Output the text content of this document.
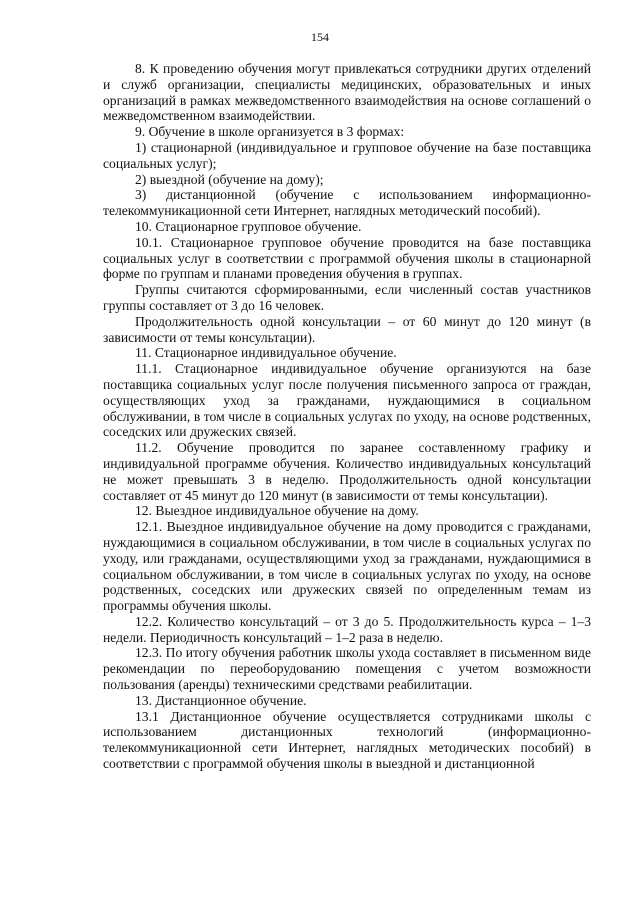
154

8. К проведению обучения могут привлекаться сотрудники других отделений и служб организации, специалисты медицинских, образовательных и иных организаций в рамках межведомственного взаимодействия на основе соглашений о межведомственном взаимодействии.

9. Обучение в школе организуется в 3 формах:

1) стационарной (индивидуальное и групповое обучение на базе поставщика социальных услуг);

2) выездной (обучение на дому);

3) дистанционной (обучение с использованием информационно-телекоммуникационной сети Интернет, наглядных методический пособий).

10. Стационарное групповое обучение.

10.1. Стационарное групповое обучение проводится на базе поставщика социальных услуг в соответствии с программой обучения школы в стационарной форме по группам и планами проведения обучения в группах.

Группы считаются сформированными, если численный состав участников группы составляет от 3 до 16 человек.

Продолжительность одной консультации – от 60 минут до 120 минут (в зависимости от темы консультации).

11. Стационарное индивидуальное обучение.

11.1. Стационарное индивидуальное обучение организуются на базе поставщика социальных услуг после получения письменного запроса от граждан, осуществляющих уход за гражданами, нуждающимися в социальном обслуживании, в том числе в социальных услугах по уходу, на основе родственных, соседских или дружеских связей.

11.2. Обучение проводится по заранее составленному графику и индивидуальной программе обучения. Количество индивидуальных консультаций не может превышать 3 в неделю. Продолжительность одной консультации составляет от 45 минут до 120 минут (в зависимости от темы консультации).

12. Выездное индивидуальное обучение на дому.

12.1. Выездное индивидуальное обучение на дому проводится с гражданами, нуждающимися в социальном обслуживании, в том числе в социальных услугах по уходу, или гражданами, осуществляющими уход за гражданами, нуждающимися в социальном обслуживании, в том числе в социальных услугах по уходу, на основе родственных, соседских или дружеских связей по определенным темам из программы обучения школы.

12.2. Количество консультаций – от 3 до 5. Продолжительность курса – 1–3 недели. Периодичность консультаций – 1–2 раза в неделю.

12.3. По итогу обучения работник школы ухода составляет в письменном виде рекомендации по переоборудованию помещения с учетом возможности пользования (аренды) техническими средствами реабилитации.

13. Дистанционное обучение.

13.1 Дистанционное обучение осуществляется сотрудниками школы с использованием дистанционных технологий (информационно-телекоммуникационной сети Интернет, наглядных методических пособий) в соответствии с программой обучения школы в выездной и дистанционной
